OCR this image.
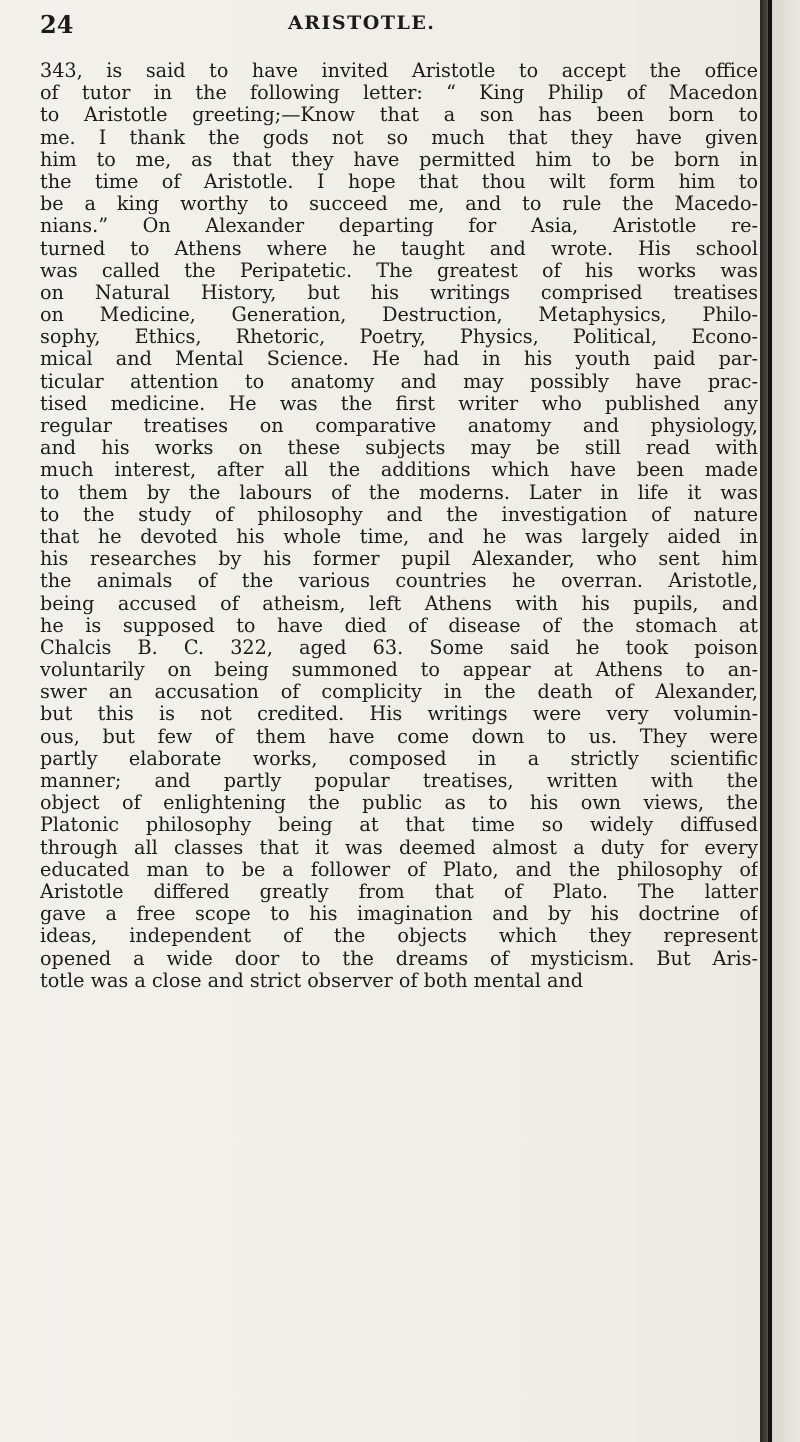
24	ARISTOTLE.
343, is said to have invited Aristotle to accept the office
of tutor in the following letter: “ King Philip of Macedon
to Aristotle greeting;—Know that a son has been born to
me. I thank the gods not so much that they have given
him to me, as that they have permitted him to be born in
the time of Aristotle. I hope that thou wilt form him to
be a king worthy to succeed me, and to rule the Macedo-
nians.” On Alexander departing for Asia, Aristotle re-
turned to Athens where he taught and wrote. His school
was called the Peripatetic. The greatest of his works was
on Natural History, but his writings comprised treatises
on Medicine, Generation, Destruction, Metaphysics, Philo-
sophy, Ethics, Rhetoric, Poetry, Physics, Political, Econo-
mical and Mental Science. He had in his youth paid par-
ticular attention to anatomy and may possibly have prac-
tised medicine. He was the first writer who published any
regular treatises on comparative anatomy and physiology,
and his works on these subjects may be still read with
much interest, after all the additions which have been made
to them by the labours of the moderns. Later in life it was
to the study of philosophy and the investigation of nature
that he devoted his whole time, and he was largely aided in
his researches by his former pupil Alexander, who sent him
the animals of the various countries he overran. Aristotle,
being accused of atheism, left Athens with his pupils, and
he is supposed to have died of disease of the stomach at
Chalcis B. C. 322, aged 63. Some said he took poison
voluntarily on being summoned to appear at Athens to an-
swer an accusation of complicity in the death of Alexander,
but this is not credited. His writings were very volumin-
ous, but few of them have come down to us. They were
partly elaborate works, composed in a strictly scientific
manner; and partly popular treatises, written with the
object of enlightening the public as to his own views, the
Platonic philosophy being at that time so widely diffused
through all classes that it was deemed almost a duty for every
educated man to be a follower of Plato, and the philosophy of
Aristotle differed greatly from that of Plato. The latter
gave a free scope to his imagination and by his doctrine of
ideas, independent of the objects which they represent
opened a wide door to the dreams of mysticism. But Aris-
totle was a close and strict observer of both mental and
